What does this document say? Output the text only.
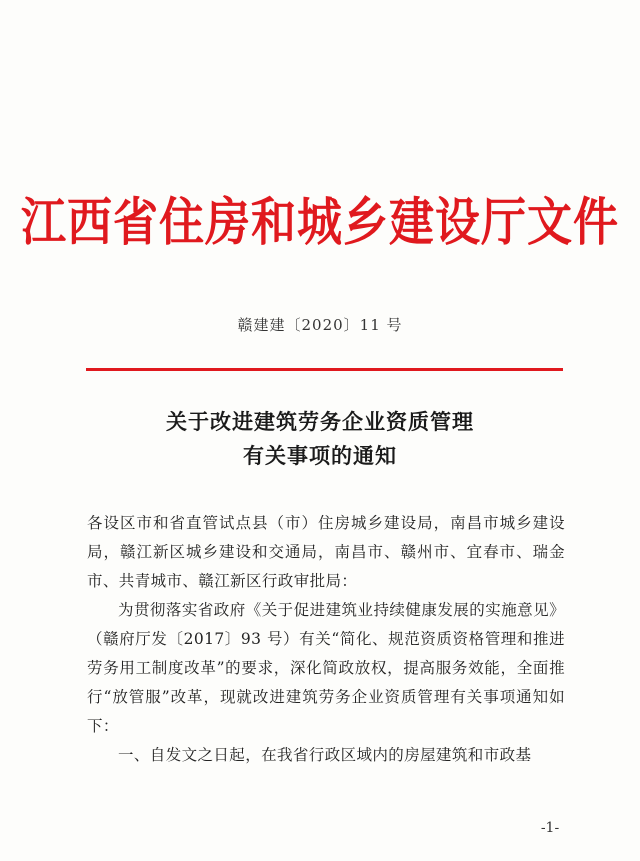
江西省住房和城乡建设厅文件
赣建建〔2020〕11 号
关于改进建筑劳务企业资质管理
有关事项的通知

各设区市和省直管试点县（市）住房城乡建设局，南昌市城乡建设局，赣江新区城乡建设和交通局，南昌市、赣州市、宜春市、瑞金市、共青城市、赣江新区行政审批局：

为贯彻落实省政府《关于促进建筑业持续健康发展的实施意见》（赣府厅发〔2017〕93 号）有关“简化、规范资质资格管理和推进劳务用工制度改革”的要求，深化简政放权，提高服务效能，全面推行“放管服”改革，现就改进建筑劳务企业资质管理有关事项通知如下：

一、自发文之日起，在我省行政区域内的房屋建筑和市政基

-1-
